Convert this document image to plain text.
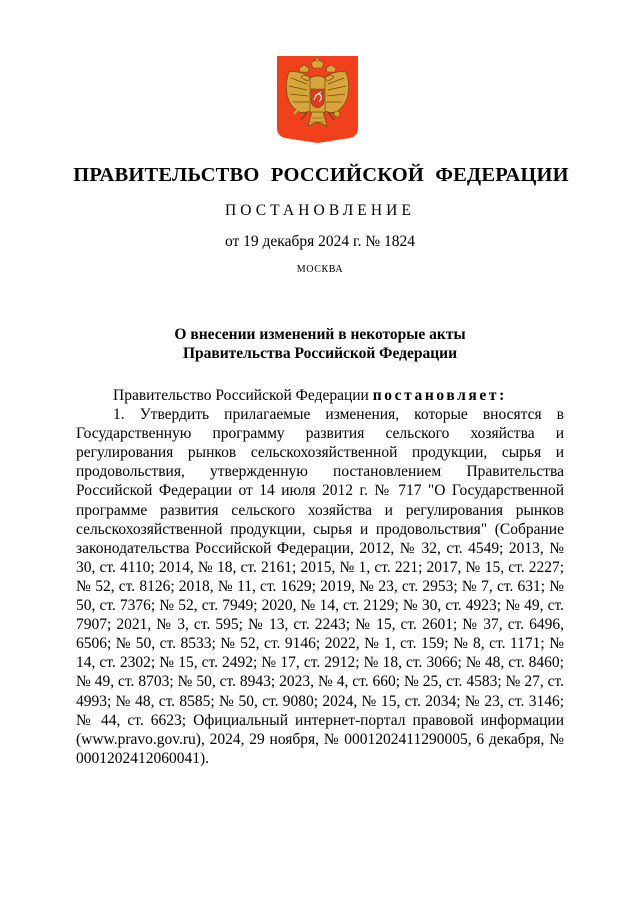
ПРАВИТЕЛЬСТВО РОССИЙСКОЙ ФЕДЕРАЦИИ
ПОСТАНОВЛЕНИЕ
от 19 декабря 2024 г. № 1824
МОСКВА
О внесении изменений в некоторые акты
Правительства Российской Федерации

Правительство Российской Федерации постановляет:

1. Утвердить прилагаемые изменения, которые вносятся в Государственную программу развития сельского хозяйства и регулирования рынков сельскохозяйственной продукции, сырья и продовольствия, утвержденную постановлением Правительства Российской Федерации от 14 июля 2012 г. № 717 "О Государственной программе развития сельского хозяйства и регулирования рынков сельскохозяйственной продукции, сырья и продовольствия" (Собрание законодательства Российской Федерации, 2012, № 32, ст. 4549; 2013, № 30, ст. 4110; 2014, № 18, ст. 2161; 2015, № 1, ст. 221; 2017, № 15, ст. 2227; № 52, ст. 8126; 2018, № 11, ст. 1629; 2019, № 23, ст. 2953; № 7, ст. 631; № 50, ст. 7376; № 52, ст. 7949; 2020, № 14, ст. 2129; № 30, ст. 4923; № 49, ст. 7907; 2021, № 3, ст. 595; № 13, ст. 2243; № 15, ст. 2601; № 37, ст. 6496, 6506; № 50, ст. 8533; № 52, ст. 9146; 2022, № 1, ст. 159; № 8, ст. 1171; № 14, ст. 2302; № 15, ст. 2492; № 17, ст. 2912; № 18, ст. 3066; № 48, ст. 8460; № 49, ст. 8703; № 50, ст. 8943; 2023, № 4, ст. 660; № 25, ст. 4583; № 27, ст. 4993; № 48, ст. 8585; № 50, ст. 9080; 2024, № 15, ст. 2034; № 23, ст. 3146; № 44, ст. 6623; Официальный интернет-портал правовой информации (www.pravo.gov.ru), 2024, 29 ноября, № 0001202411290005, 6 декабря, № 0001202412060041).
